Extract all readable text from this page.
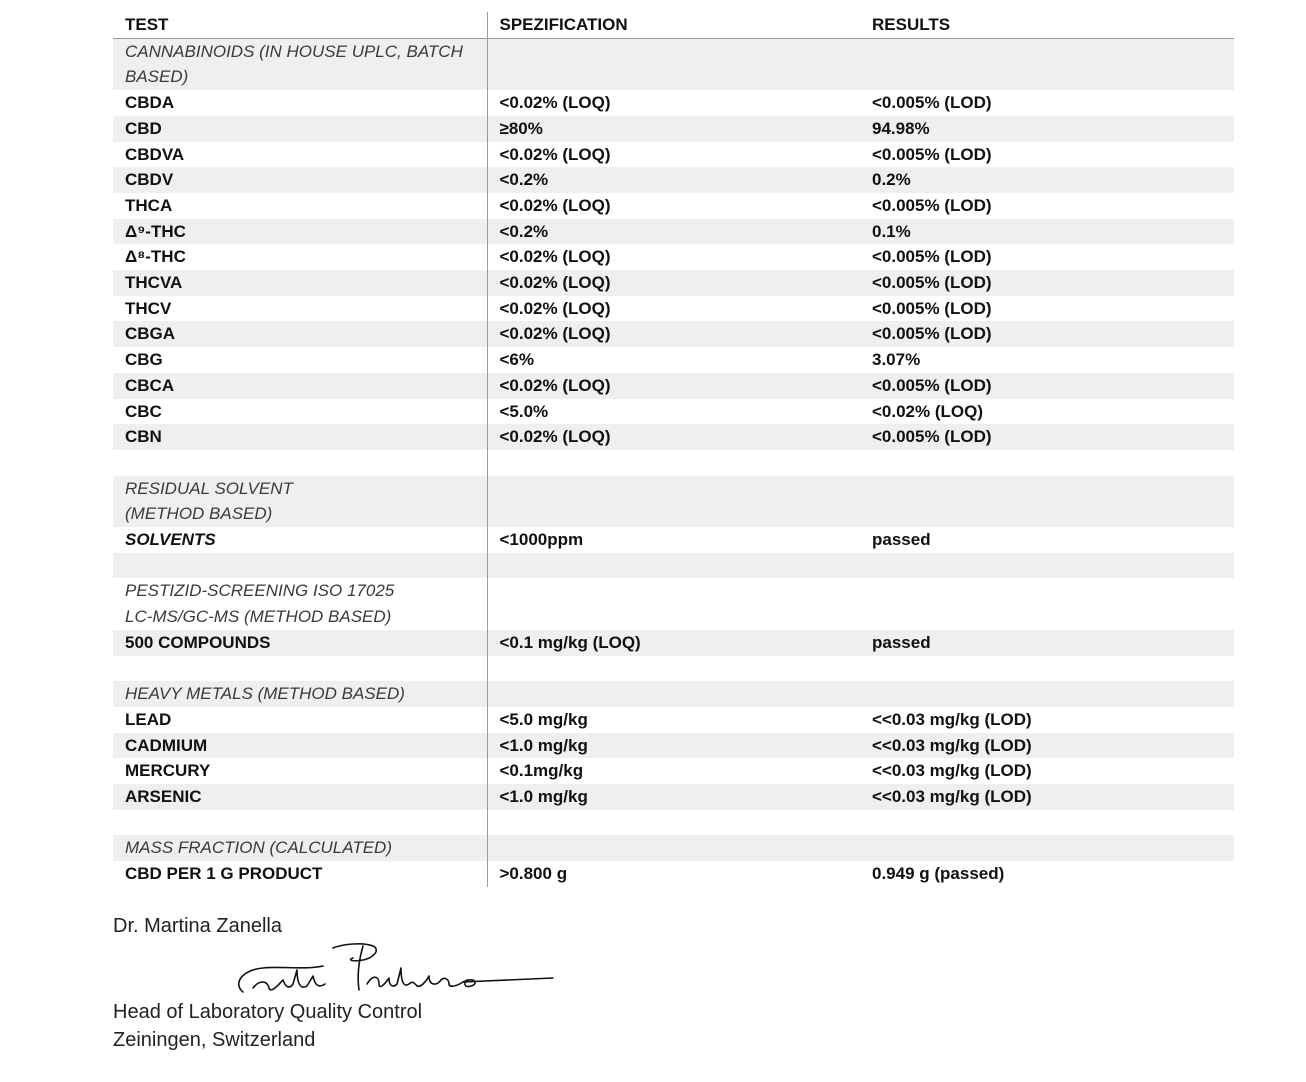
TEST	SPEZIFICATION	RESULTS
CANNABINOIDS (IN HOUSE UPLC, BATCH BASED)		
CBDA	<0.02% (LOQ)	<0.005% (LOD)
CBD	≥80%	94.98%
CBDVA	<0.02% (LOQ)	<0.005% (LOD)
CBDV	<0.2%	0.2%
THCA	<0.02% (LOQ)	<0.005% (LOD)
Δ⁹-THC	<0.2%	0.1%
Δ⁸-THC	<0.02% (LOQ)	<0.005% (LOD)
THCVA	<0.02% (LOQ)	<0.005% (LOD)
THCV	<0.02% (LOQ)	<0.005% (LOD)
CBGA	<0.02% (LOQ)	<0.005% (LOD)
CBG	<6%	3.07%
CBCA	<0.02% (LOQ)	<0.005% (LOD)
CBC	<5.0%	<0.02% (LOQ)
CBN	<0.02% (LOQ)	<0.005% (LOD)

RESIDUAL SOLVENT (METHOD BASED)		
SOLVENTS	<1000ppm	passed

PESTIZID-SCREENING ISO 17025 LC-MS/GC-MS (METHOD BASED)		
500 COMPOUNDS	<0.1 mg/kg (LOQ)	passed

HEAVY METALS (METHOD BASED)		
LEAD	<5.0 mg/kg	<<0.03 mg/kg (LOD)
CADMIUM	<1.0 mg/kg	<<0.03 mg/kg (LOD)
MERCURY	<0.1mg/kg	<<0.03 mg/kg (LOD)
ARSENIC	<1.0 mg/kg	<<0.03 mg/kg (LOD)

MASS FRACTION (CALCULATED)		
CBD PER 1 G PRODUCT	>0.800 g	0.949 g (passed)
Dr. Martina Zanella
Head of Laboratory Quality Control
Zeiningen, Switzerland
